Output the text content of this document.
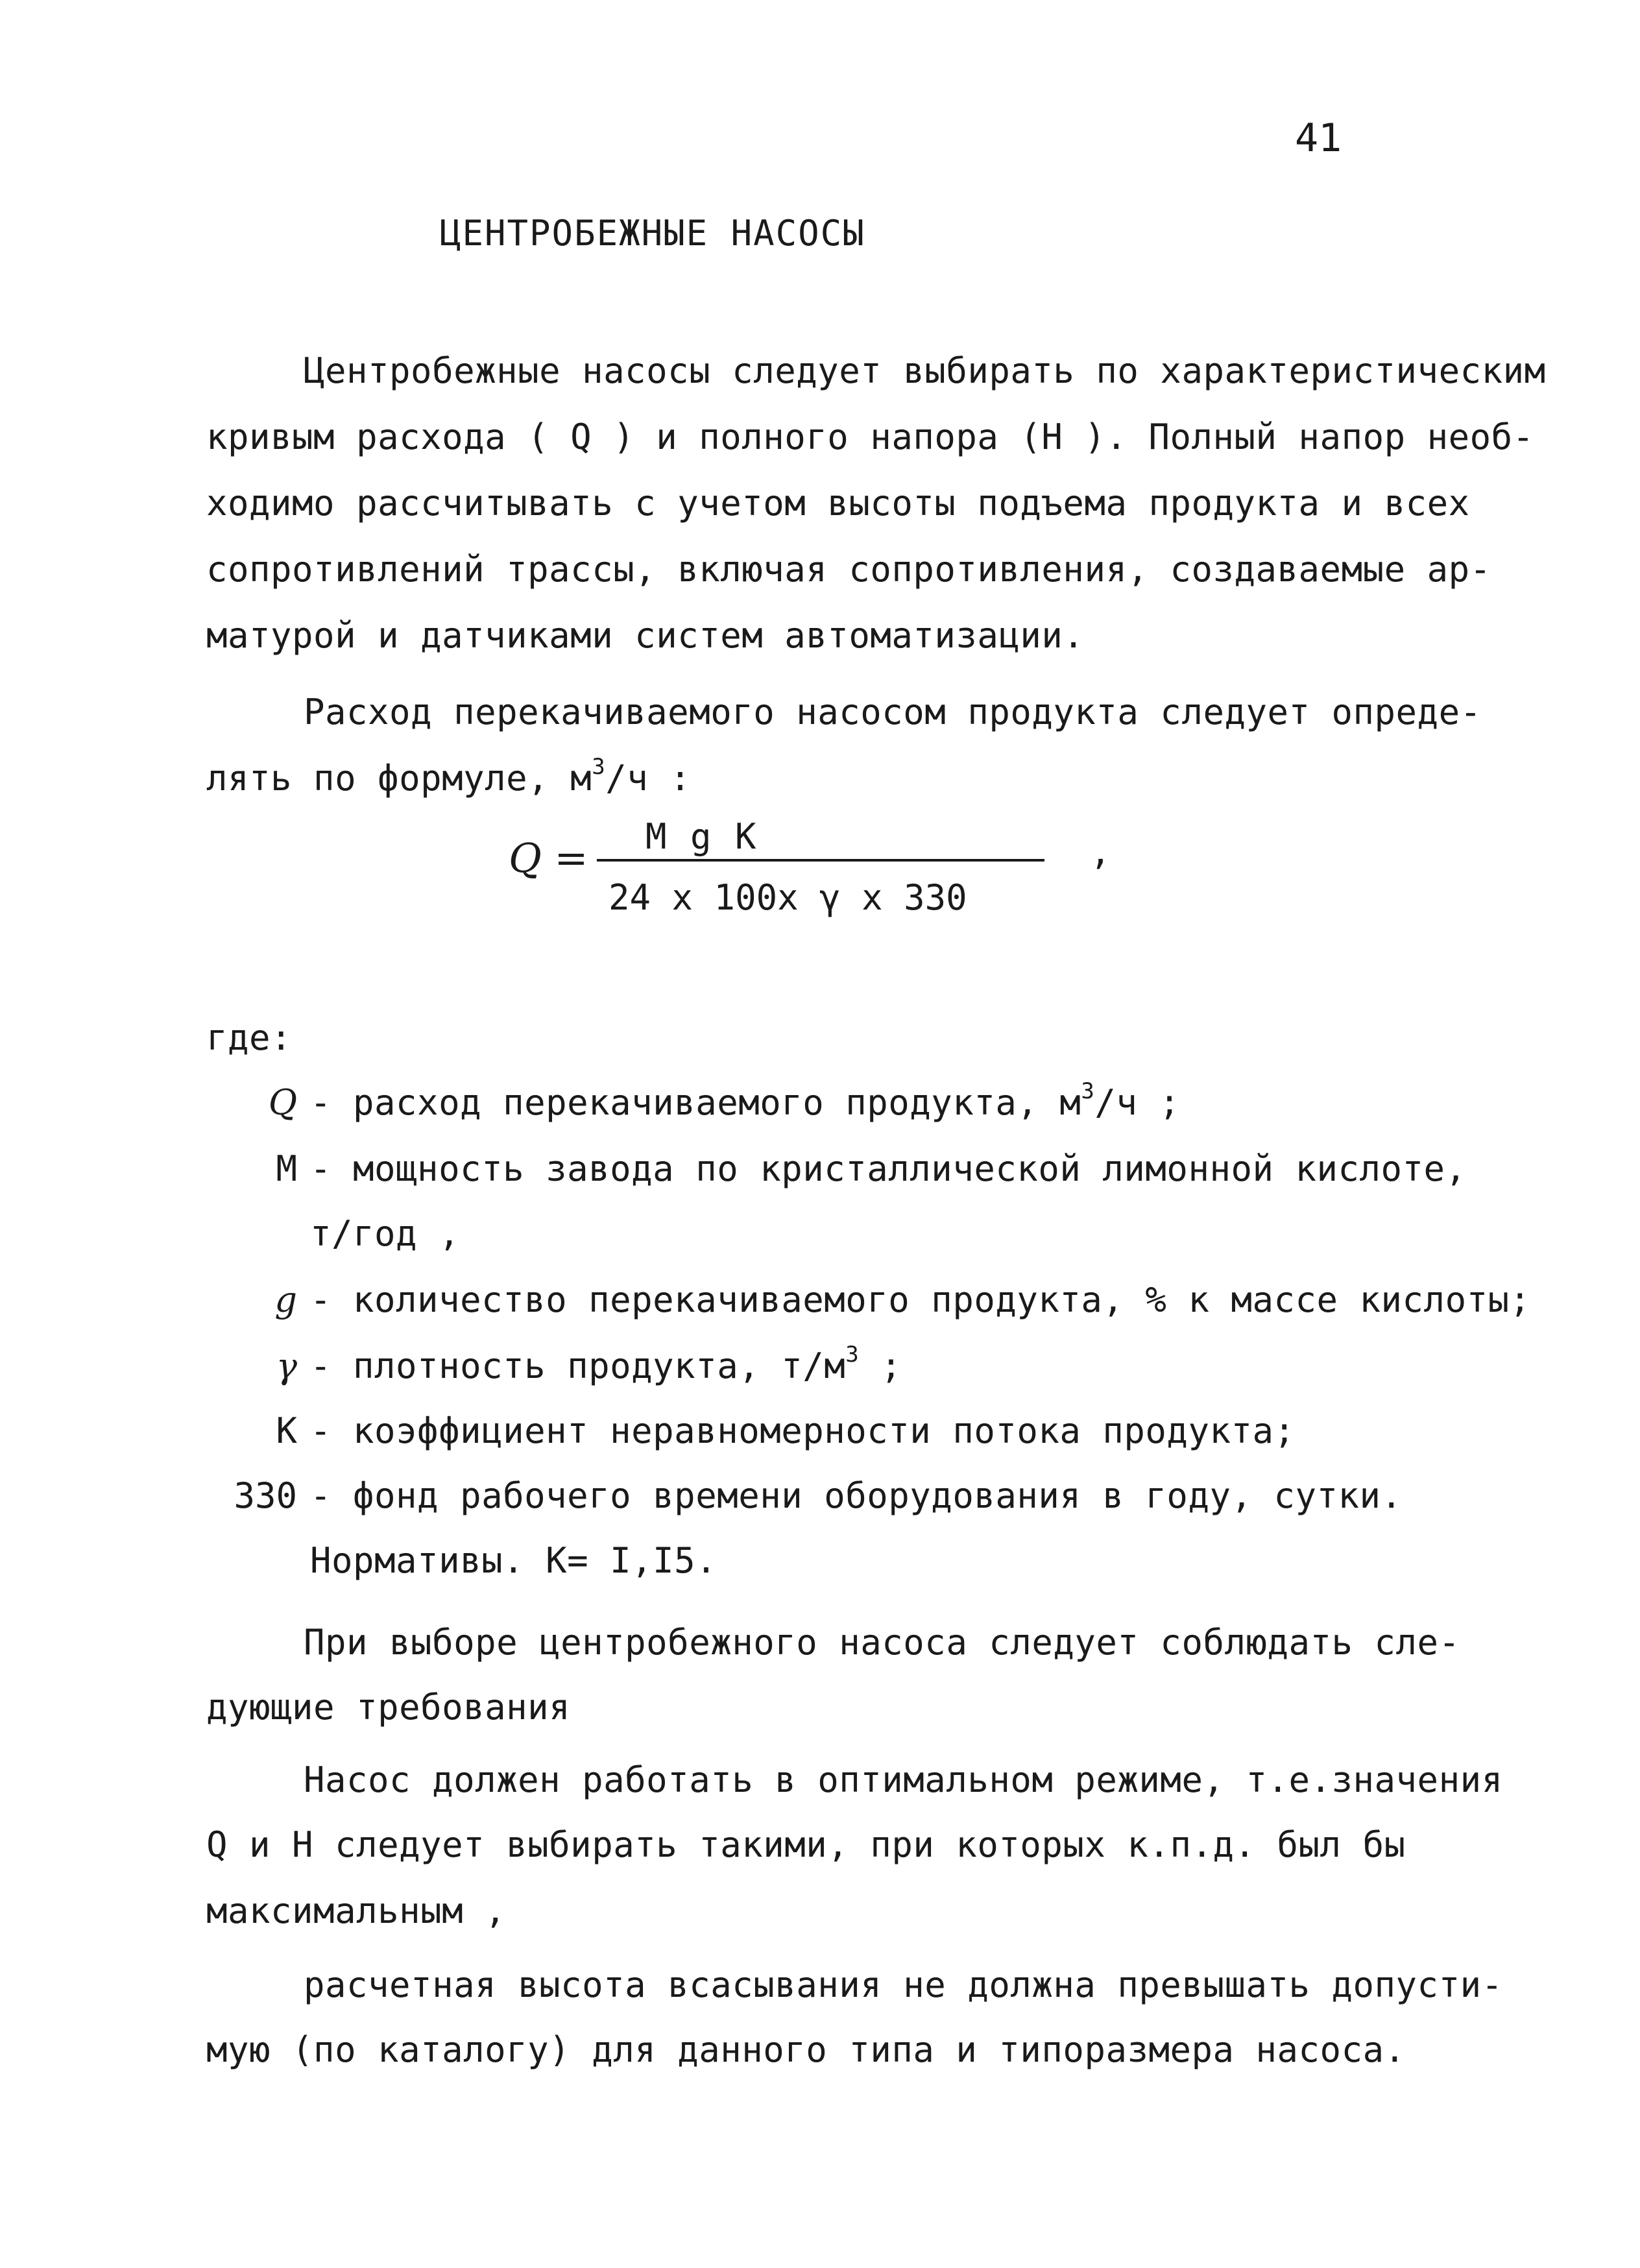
41
ЦЕНТРОБЕЖНЫЕ НАСОСЫ
Центробежные насосы следует выбирать по характеристическим
кривым расхода ( Q ) и полного напора (Н ). Полный напор необ-
ходимо рассчитывать с учетом высоты подъема продукта и всех
сопротивлений трассы, включая сопротивления, создаваемые ар-
матурой и датчиками систем автоматизации.
Расход перекачиваемого насосом продукта следует опреде-
лять по формуле, $м^3/ч$ :
Q = М g К
24 х 100х γ х 330
,
где:
Q - расход перекачиваемого продукта, $м^3/ч$ ;
М - мощность завода по кристаллической лимонной кислоте,
т/год ,
g - количество перекачиваемого продукта, % к массе кислоты;
γ - плотность продукта, $т/м^3$ ;
К - коэффициент неравномерности потока продукта;
330 - фонд рабочего времени оборудования в году, сутки.
Нормативы. К= I,I5.
При выборе центробежного насоса следует соблюдать сле-
дующие требования
Насос должен работать в оптимальном режиме, т.е.значения
Q и Н следует выбирать такими, при которых к.п.д. был бы
максимальным ,
расчетная высота всасывания не должна превышать допусти-
мую (по каталогу) для данного типа и типоразмера насоса.
